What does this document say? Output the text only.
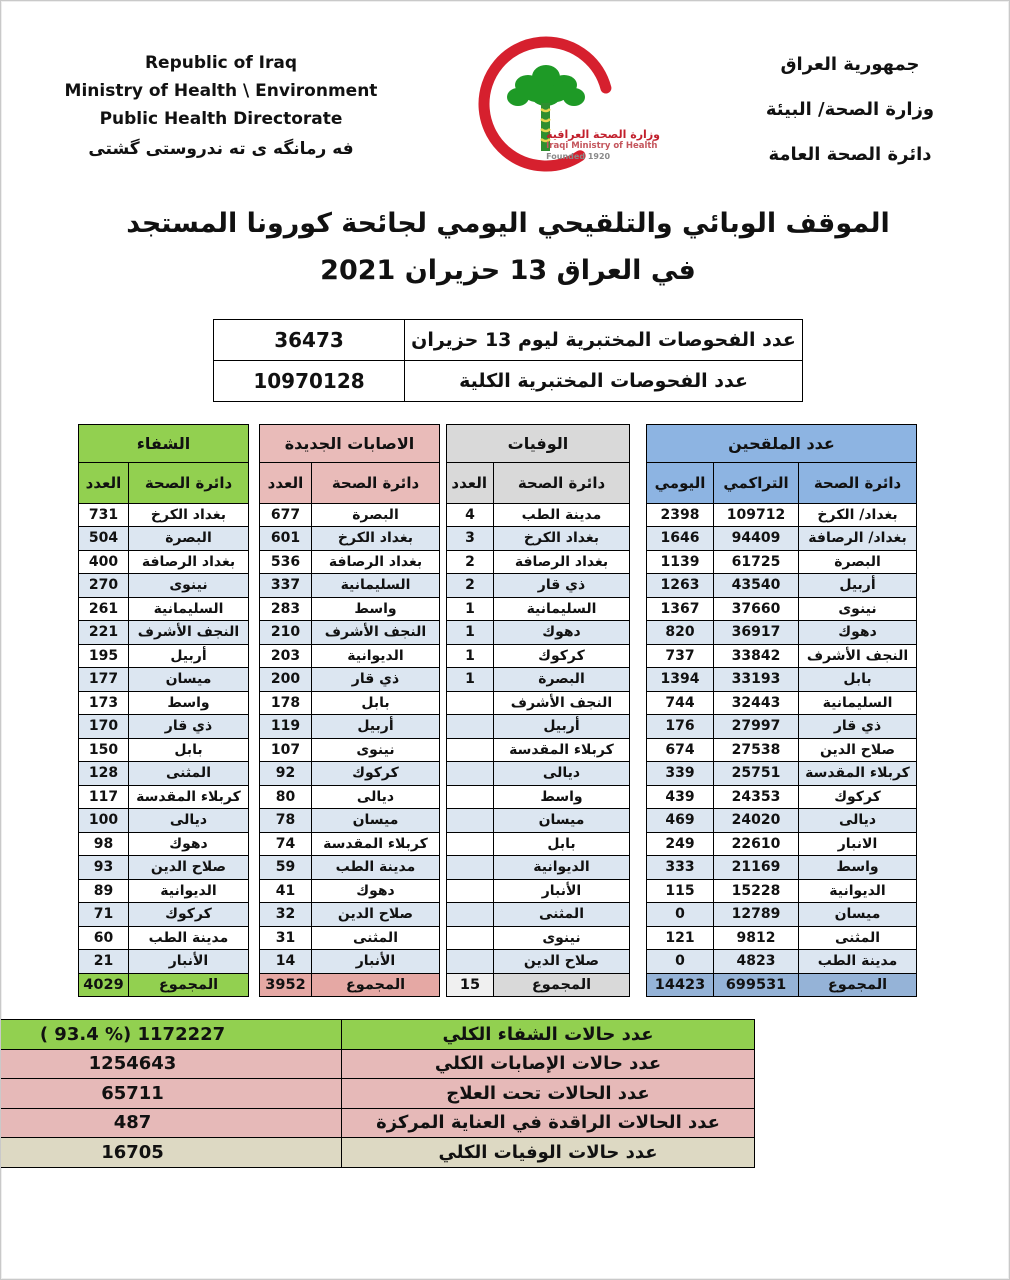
Republic of Iraq
Ministry of Health \ Environment
Public Health Directorate
فه رمانگه ى ته ندروستى گشتى
وزارة الصحة العراقية
Iraqi Ministry of Health
Founded 1920
جمهورية العراق
وزارة الصحة/ البيئة
دائرة الصحة العامة
الموقف الوبائي والتلقيحي اليومي لجائحة كورونا المستجد
في العراق 13 حزيران 2021
عدد الفحوصات المختبرية ليوم 13 حزيران	36473
عدد الفحوصات المختبرية الكلية	10970128
عدد الملقحين		
دائرة الصحة	التراكمي	اليومي
بغداد/ الكرخ	109712	2398
بغداد/ الرصافة	94409	1646
البصرة	61725	1139
أربيل	43540	1263
نينوى	37660	1367
دهوك	36917	820
النجف الأشرف	33842	737
بابل	33193	1394
السليمانية	32443	744
ذي قار	27997	176
صلاح الدين	27538	674
كربلاء المقدسة	25751	339
كركوك	24353	439
ديالى	24020	469
الانبار	22610	249
واسط	21169	333
الديوانية	15228	115
ميسان	12789	0
المثنى	9812	121
مدينة الطب	4823	0
المجموع	699531	14423
الوفيات	
دائرة الصحة	العدد
مدينة الطب	4
بغداد الكرخ	3
بغداد الرصافة	2
ذي قار	2
السليمانية	1
دهوك	1
كركوك	1
البصرة	1
النجف الأشرف	
أربيل	
كربلاء المقدسة	
ديالى	
واسط	
ميسان	
بابل	
الديوانية	
الأنبار	
المثنى	
نينوى	
صلاح الدين	
المجموع	15
الاصابات الجديدة	
دائرة الصحة	العدد
البصرة	677
بغداد الكرخ	601
بغداد الرصافة	536
السليمانية	337
واسط	283
النجف الأشرف	210
الديوانية	203
ذي قار	200
بابل	178
أربيل	119
نينوى	107
كركوك	92
ديالى	80
ميسان	78
كربلاء المقدسة	74
مدينة الطب	59
دهوك	41
صلاح الدين	32
المثنى	31
الأنبار	14
المجموع	3952
الشفاء	
دائرة الصحة	العدد
بغداد الكرخ	731
البصرة	504
بغداد الرصافة	400
نينوى	270
السليمانية	261
النجف الأشرف	221
أربيل	195
ميسان	177
واسط	173
ذي قار	170
بابل	150
المثنى	128
كربلاء المقدسة	117
ديالى	100
دهوك	98
صلاح الدين	93
الديوانية	89
كركوك	71
مدينة الطب	60
الأنبار	21
المجموع	4029
عدد حالات الشفاء الكلي	( 93.4 %) 1172227
عدد حالات الإصابات الكلي	1254643
عدد الحالات تحت العلاج	65711
عدد الحالات الراقدة في العناية المركزة	487
عدد حالات الوفيات الكلي	16705
